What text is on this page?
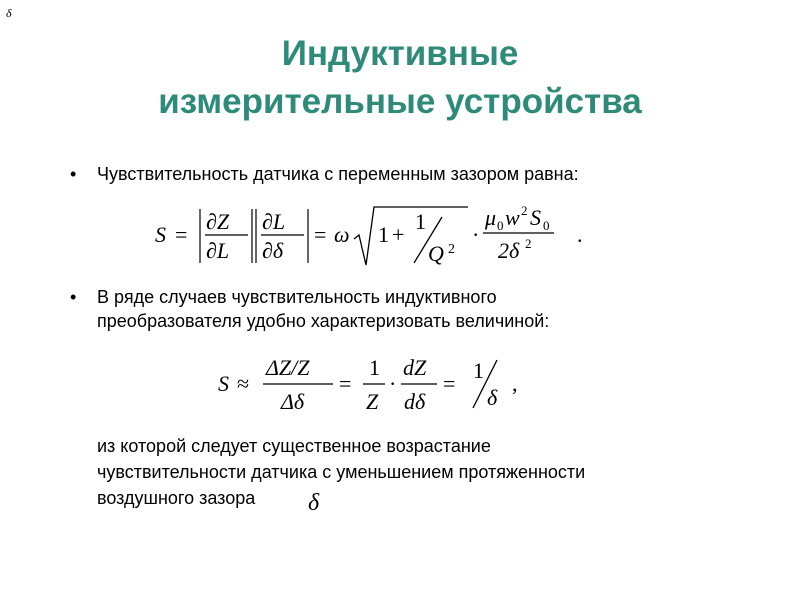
δ
Индуктивные
измерительные устройства
•	Чувствительность датчика с переменным зазором равна:
S =
∂Z
∂L
∂L
∂δ
= ω 1 +
1
Q 2
·
μ 0 w 2 S 0
2δ 2 .
•	В ряде случаев чувствительность индуктивного
преобразователя удобно характеризовать величиной:
S ≈
ΔZ/Z
Δδ
=
1
Z
·
dZ
dδ
=
1
δ
,
из которой следует существенное возрастание
чувствительности датчика с уменьшением протяженности
воздушного зазора	δ
